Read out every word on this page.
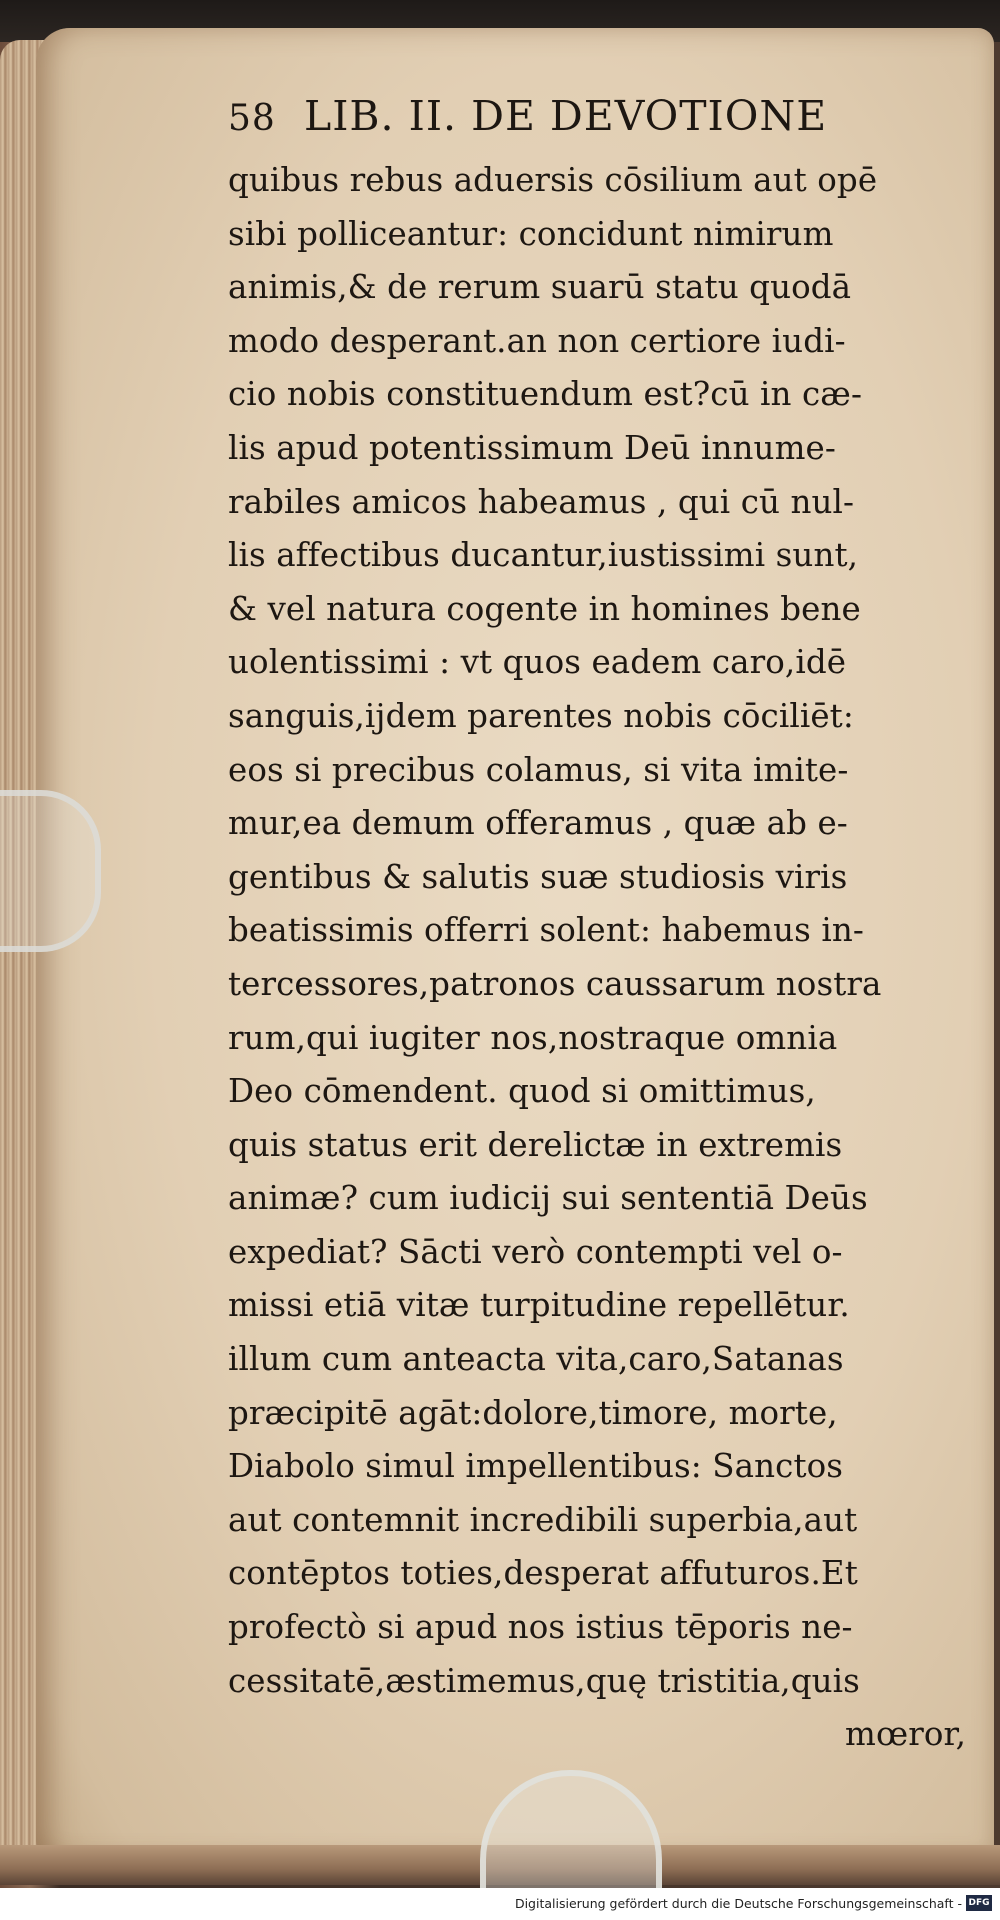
58 LIB. II. DE DEVOTIONE
quibus rebus aduersis cōsilium aut opē
sibi polliceantur: concidunt nimirum
animis,& de rerum suarū statu quodā
modo desperant.an non certiore iudi-
cio nobis constituendum est?cū in cæ-
lis apud potentissimum Deū innume-
rabiles amicos habeamus , qui cū nul-
lis affectibus ducantur,iustissimi sunt,
& vel natura cogente in homines bene
uolentissimi : vt quos eadem caro,idē
sanguis,ijdem parentes nobis cōciliēt:
eos si precibus colamus, si vita imite-
mur,ea demum offeramus , quæ ab e-
gentibus & salutis suæ studiosis viris
beatissimis offerri solent: habemus in-
tercessores,patronos caussarum nostra
rum,qui iugiter nos,nostraque omnia
Deo cōmendent. quod si omittimus,
quis status erit derelictæ in extremis
animæ? cum iudicij sui sententiā Deūs
expediat? Sācti verò contempti vel o-
missi etiā vitæ turpitudine repellētur.
illum cum anteacta vita,caro,Satanas
præcipitē agāt:dolore,timore, morte,
Diabolo simul impellentibus: Sanctos
aut contemnit incredibili superbia,aut
contēptos toties,desperat affuturos.Et
profectò si apud nos istius tēporis ne-
cessitatē,æstimemus,quę tristitia,quis
mœror,
Digitalisierung gefördert durch die Deutsche Forschungsgemeinschaft - DFG
